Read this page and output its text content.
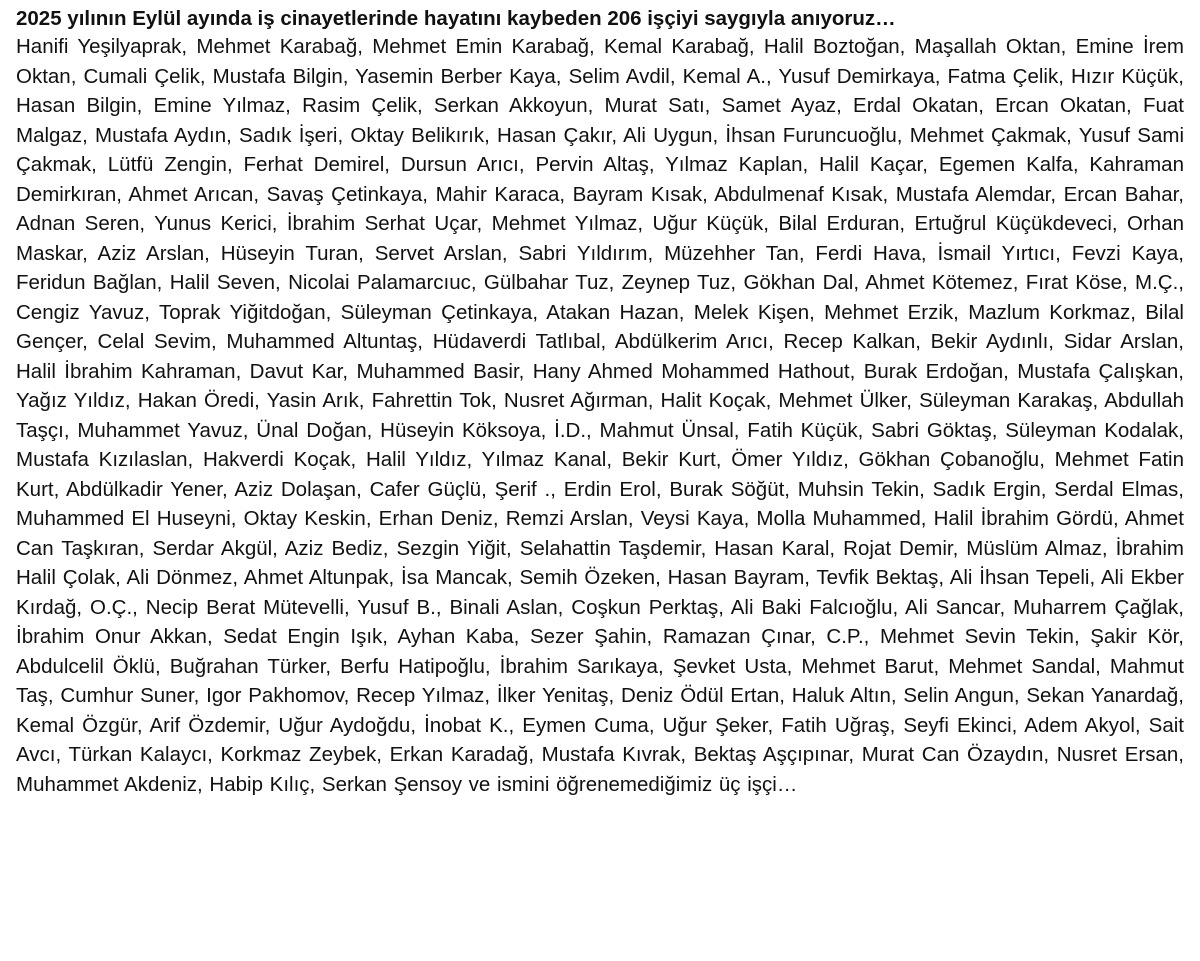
2025 yılının Eylül ayında iş cinayetlerinde hayatını kaybeden 206 işçiyi saygıyla anıyoruz…

Hanifi Yeşilyaprak, Mehmet Karabağ, Mehmet Emin Karabağ, Kemal Karabağ, Halil Boztoğan, Maşallah Oktan, Emine İrem Oktan, Cumali Çelik, Mustafa Bilgin, Yasemin Berber Kaya, Selim Avdil, Kemal A., Yusuf Demirkaya, Fatma Çelik, Hızır Küçük, Hasan Bilgin, Emine Yılmaz, Rasim Çelik, Serkan Akkoyun, Murat Satı, Samet Ayaz, Erdal Okatan, Ercan Okatan, Fuat Malgaz, Mustafa Aydın, Sadık İşeri, Oktay Belikırık, Hasan Çakır, Ali Uygun, İhsan Furuncuoğlu, Mehmet Çakmak, Yusuf Sami Çakmak, Lütfü Zengin, Ferhat Demirel, Dursun Arıcı, Pervin Altaş, Yılmaz Kaplan, Halil Kaçar, Egemen Kalfa, Kahraman Demirkıran, Ahmet Arıcan, Savaş Çetinkaya, Mahir Karaca, Bayram Kısak, Abdulmenaf Kısak, Mustafa Alemdar, Ercan Bahar, Adnan Seren, Yunus Kerici, İbrahim Serhat Uçar, Mehmet Yılmaz, Uğur Küçük, Bilal Erduran, Ertuğrul Küçükdeveci, Orhan Maskar, Aziz Arslan, Hüseyin Turan, Servet Arslan, Sabri Yıldırım, Müzehher Tan, Ferdi Hava, İsmail Yırtıcı, Fevzi Kaya, Feridun Bağlan, Halil Seven, Nicolai Palamarcıuc, Gülbahar Tuz, Zeynep Tuz, Gökhan Dal, Ahmet Kötemez, Fırat Köse, M.Ç., Cengiz Yavuz, Toprak Yiğitdoğan, Süleyman Çetinkaya, Atakan Hazan, Melek Kişen, Mehmet Erzik, Mazlum Korkmaz, Bilal Gençer, Celal Sevim, Muhammed Altuntaş, Hüdaverdi Tatlıbal, Abdülkerim Arıcı, Recep Kalkan, Bekir Aydınlı, Sidar Arslan, Halil İbrahim Kahraman, Davut Kar, Muhammed Basir, Hany Ahmed Mohammed Hathout, Burak Erdoğan, Mustafa Çalışkan, Yağız Yıldız, Hakan Öredi, Yasin Arık, Fahrettin Tok, Nusret Ağırman, Halit Koçak, Mehmet Ülker, Süleyman Karakaş, Abdullah Taşçı, Muhammet Yavuz, Ünal Doğan, Hüseyin Köksoya, İ.D., Mahmut Ünsal, Fatih Küçük, Sabri Göktaş, Süleyman Kodalak, Mustafa Kızılaslan, Hakverdi Koçak, Halil Yıldız, Yılmaz Kanal, Bekir Kurt, Ömer Yıldız, Gökhan Çobanoğlu, Mehmet Fatin Kurt, Abdülkadir Yener, Aziz Dolaşan, Cafer Güçlü, Şerif ., Erdin Erol, Burak Söğüt, Muhsin Tekin, Sadık Ergin, Serdal Elmas, Muhammed El Huseyni, Oktay Keskin, Erhan Deniz, Remzi Arslan, Veysi Kaya, Molla Muhammed, Halil İbrahim Gördü, Ahmet Can Taşkıran, Serdar Akgül, Aziz Bediz, Sezgin Yiğit, Selahattin Taşdemir, Hasan Karal, Rojat Demir, Müslüm Almaz, İbrahim Halil Çolak, Ali Dönmez, Ahmet Altunpak, İsa Mancak, Semih Özeken, Hasan Bayram, Tevfik Bektaş, Ali İhsan Tepeli, Ali Ekber Kırdağ, O.Ç., Necip Berat Mütevelli, Yusuf B., Binali Aslan, Coşkun Perktaş, Ali Baki Falcıoğlu, Ali Sancar, Muharrem Çağlak, İbrahim Onur Akkan, Sedat Engin Işık, Ayhan Kaba, Sezer Şahin, Ramazan Çınar, C.P., Mehmet Sevin Tekin, Şakir Kör, Abdulcelil Öklü, Buğrahan Türker, Berfu Hatipoğlu, İbrahim Sarıkaya, Şevket Usta, Mehmet Barut, Mehmet Sandal, Mahmut Taş, Cumhur Suner, Igor Pakhomov, Recep Yılmaz, İlker Yenitaş, Deniz Ödül Ertan, Haluk Altın, Selin Angun, Sekan Yanardağ, Kemal Özgür, Arif Özdemir, Uğur Aydoğdu, İnobat K., Eymen Cuma, Uğur Şeker, Fatih Uğraş, Seyfi Ekinci, Adem Akyol, Sait Avcı, Türkan Kalaycı, Korkmaz Zeybek, Erkan Karadağ, Mustafa Kıvrak, Bektaş Aşçıpınar, Murat Can Özaydın, Nusret Ersan, Muhammet Akdeniz, Habip Kılıç, Serkan Şensoy ve ismini öğrenemediğimiz üç işçi…
